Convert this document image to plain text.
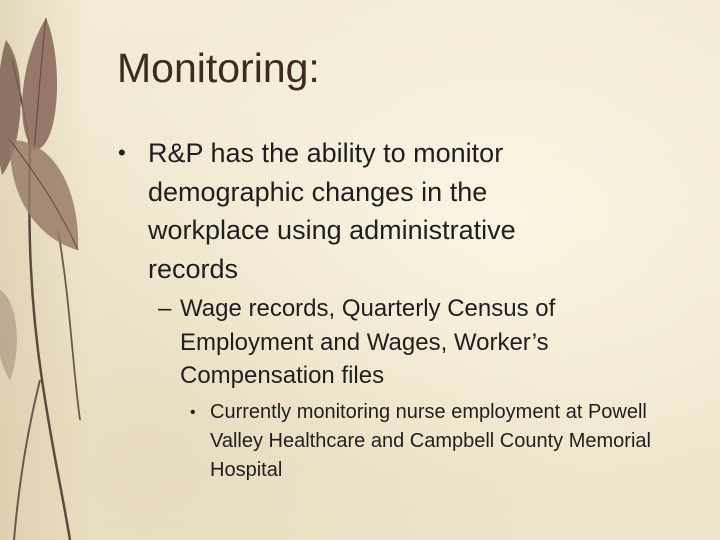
Monitoring:
• R&P has the ability to monitor demographic changes in the workplace using administrative records
– Wage records, Quarterly Census of Employment and Wages, Worker’s Compensation files
• Currently monitoring nurse employment at Powell Valley Healthcare and Campbell County Memorial Hospital
